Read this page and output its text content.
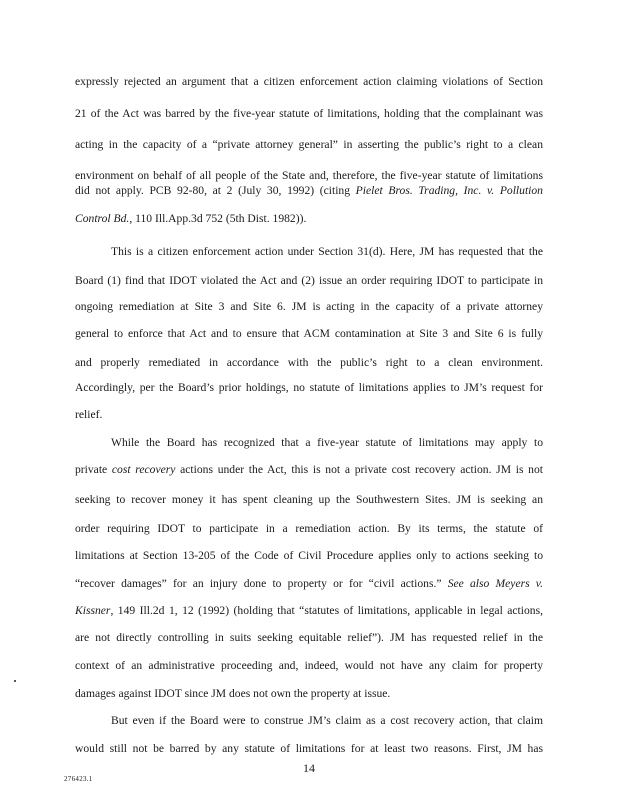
expressly rejected an argument that a citizen enforcement action claiming violations of Section
21 of the Act was barred by the five-year statute of limitations, holding that the complainant was
acting in the capacity of a “private attorney general” in asserting the public’s right to a clean
environment on behalf of all people of the State and, therefore, the five-year statute of limitations
did not apply. PCB 92-80, at 2 (July 30, 1992) (citing Pielet Bros. Trading, Inc. v. Pollution
Control Bd., 110 Ill.App.3d 752 (5th Dist. 1982)).
This is a citizen enforcement action under Section 31(d). Here, JM has requested that the
Board (1) find that IDOT violated the Act and (2) issue an order requiring IDOT to participate in
ongoing remediation at Site 3 and Site 6. JM is acting in the capacity of a private attorney
general to enforce that Act and to ensure that ACM contamination at Site 3 and Site 6 is fully
and properly remediated in accordance with the public’s right to a clean environment.
Accordingly, per the Board’s prior holdings, no statute of limitations applies to JM’s request for
relief.
While the Board has recognized that a five-year statute of limitations may apply to
private cost recovery actions under the Act, this is not a private cost recovery action. JM is not
seeking to recover money it has spent cleaning up the Southwestern Sites. JM is seeking an
order requiring IDOT to participate in a remediation action. By its terms, the statute of
limitations at Section 13-205 of the Code of Civil Procedure applies only to actions seeking to
“recover damages” for an injury done to property or for “civil actions.” See also Meyers v.
Kissner, 149 Ill.2d 1, 12 (1992) (holding that “statutes of limitations, applicable in legal actions,
are not directly controlling in suits seeking equitable relief”). JM has requested relief in the
context of an administrative proceeding and, indeed, would not have any claim for property
damages against IDOT since JM does not own the property at issue.
But even if the Board were to construe JM’s claim as a cost recovery action, that claim
would still not be barred by any statute of limitations for at least two reasons. First, JM has
14
276423.1
